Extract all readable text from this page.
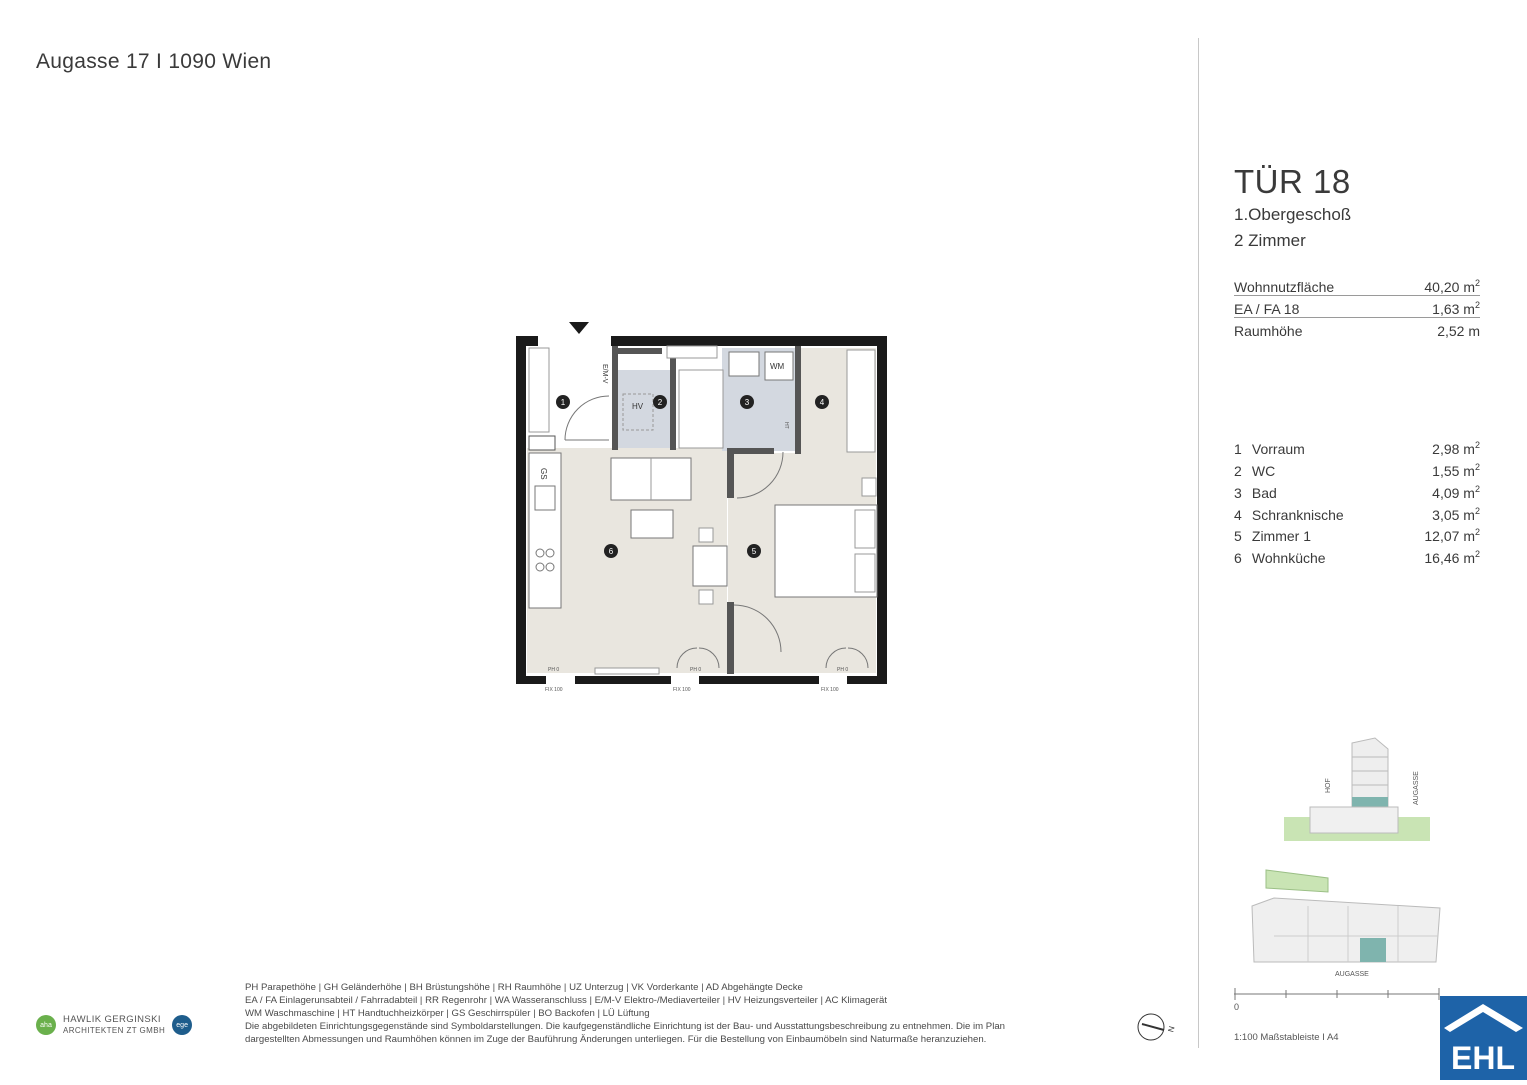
Augasse 17 I 1090 Wien
TÜR 18
1.Obergeschoß
2 Zimmer
Wohnnutzfläche	40,20 $m^2$
EA / FA 18	1,63 $m^2$
Raumhöhe	2,52 m
1 Vorraum	2,98 $m^2$
2 WC	1,55 $m^2$
3 Bad	4,09 $m^2$
4 Schranknische	3,05 $m^2$
5 Zimmer 1	12,07 $m^2$
6 Wohnküche	16,46 $m^2$
WM
HV
GS
E/M-V
HT
PH 0	PH 0	PH 0
FIX 100	FIX 100	FIX 100
1	2	3	4
5
6
HOF	AUGASSE
AUGASSE
0
1:100 Maßstableiste I A4
EHL
PH Parapethöhe | GH Geländerhöhe | BH Brüstungshöhe | RH Raumhöhe | UZ Unterzug | VK Vorderkante | AD Abgehängte Decke
EA / FA Einlagerunsabteil / Fahrradabteil | RR Regenrohr | WA Wasseranschluss | E/M-V Elektro-/Mediaverteiler | HV Heizungsverteiler | AC Klimagerät
WM Waschmaschine | HT Handtuchheizkörper | GS Geschirrspüler | BO Backofen | LÜ Lüftung
Die abgebildeten Einrichtungsgegenstände sind Symboldarstellungen. Die kaufgegenständliche Einrichtung ist der Bau- und Ausstattungsbeschreibung zu entnehmen. Die im Plan
dargestellten Abmessungen und Raumhöhen können im Zuge der Bauführung Änderungen unterliegen. Für die Bestellung von Einbaumöbeln sind Naturmaße heranzuziehen.
aha	HAWLIK GERGINSKI
ARCHITEKTEN ZT GMBH
ege
N
